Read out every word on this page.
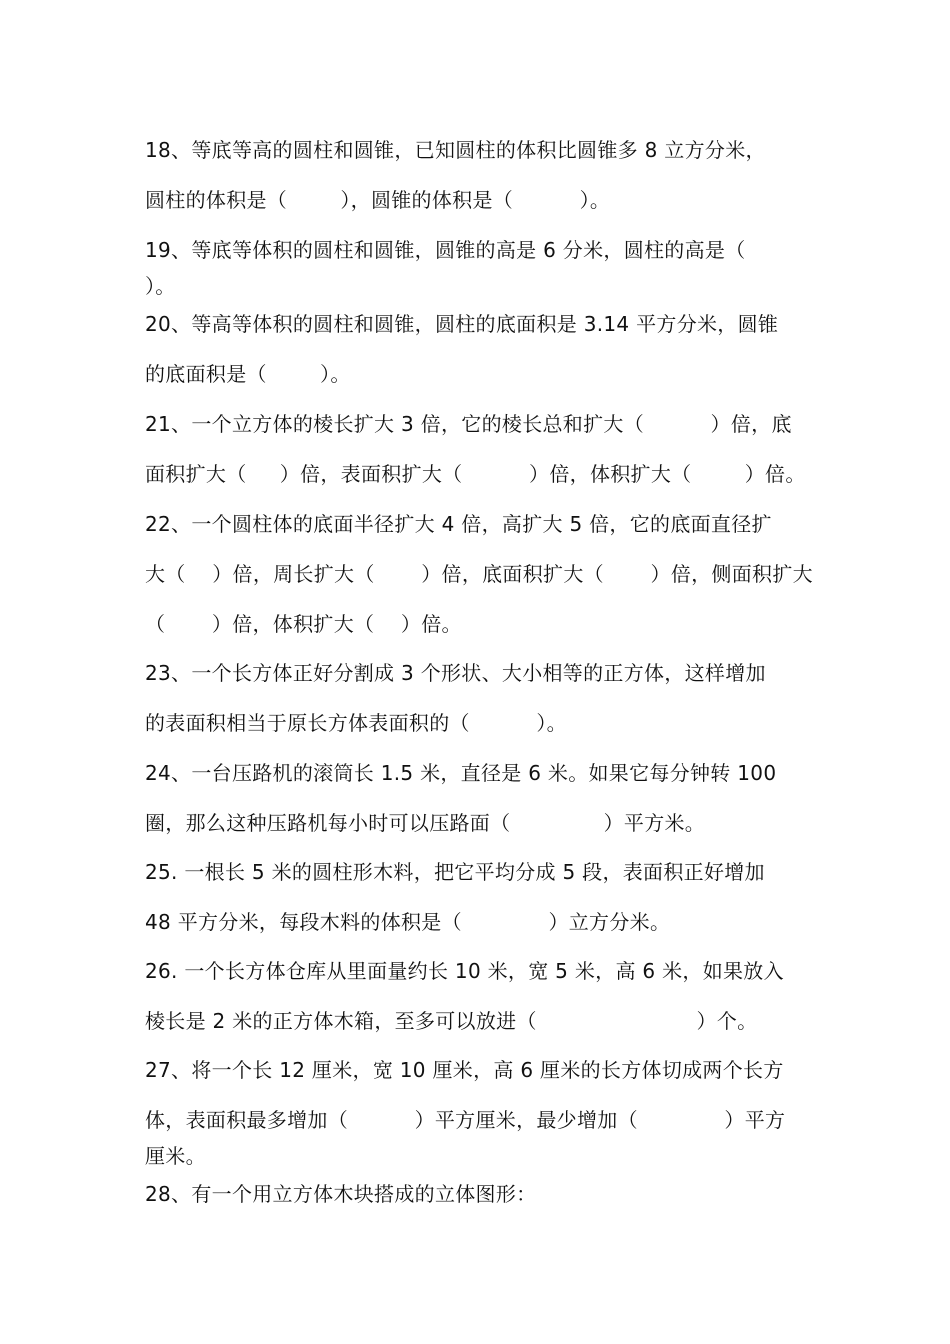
18、等底等高的圆柱和圆锥，已知圆柱的体积比圆锥多 8 立方分米，
圆柱的体积是（        ），圆锥的体积是（          ）。
19、等底等体积的圆柱和圆锥，圆锥的高是 6 分米，圆柱的高是（
）。
20、等高等体积的圆柱和圆锥，圆柱的底面积是 3.14 平方分米，圆锥
的底面积是（        ）。
21、一个立方体的棱长扩大 3 倍，它的棱长总和扩大（          ）倍，底
面积扩大（     ）倍，表面积扩大（          ）倍，体积扩大（        ）倍。
22、一个圆柱体的底面半径扩大 4 倍，高扩大 5 倍，它的底面直径扩
大（    ）倍，周长扩大（       ）倍，底面积扩大（       ）倍，侧面积扩大
（       ）倍，体积扩大（    ）倍。
23、一个长方体正好分割成 3 个形状、大小相等的正方体，这样增加
的表面积相当于原长方体表面积的（          ）。
24、一台压路机的滚筒长 1.5 米，直径是 6 米。如果它每分钟转 100
圈，那么这种压路机每小时可以压路面（              ）平方米。
25. 一根长 5 米的圆柱形木料，把它平均分成 5 段，表面积正好增加
48 平方分米，每段木料的体积是（             ）立方分米。
26. 一个长方体仓库从里面量约长 10 米，宽 5 米，高 6 米，如果放入
棱长是 2 米的正方体木箱，至多可以放进（                        ）个。
27、将一个长 12 厘米，宽 10 厘米，高 6 厘米的长方体切成两个长方
体，表面积最多增加（          ）平方厘米，最少增加（             ）平方
厘米。
28、有一个用立方体木块搭成的立体图形：
